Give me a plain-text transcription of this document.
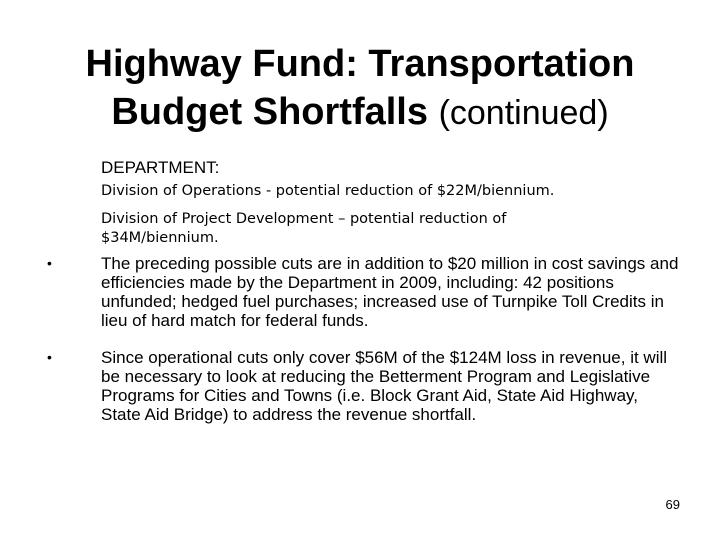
Highway Fund: Transportation
Budget Shortfalls (continued)
DEPARTMENT:
Division of Operations - potential reduction of $22M/biennium.
Division of Project Development – potential reduction of $34M/biennium.
•	The preceding possible cuts are in addition to $20 million in cost savings and efficiencies made by the Department in 2009, including: 42 positions unfunded; hedged fuel purchases; increased use of Turnpike Toll Credits in lieu of hard match for federal funds.
•	Since operational cuts only cover $56M of the $124M loss in revenue, it will be necessary to look at reducing the Betterment Program and Legislative Programs for Cities and Towns (i.e. Block Grant Aid, State Aid Highway, State Aid Bridge) to address the revenue shortfall.
69
